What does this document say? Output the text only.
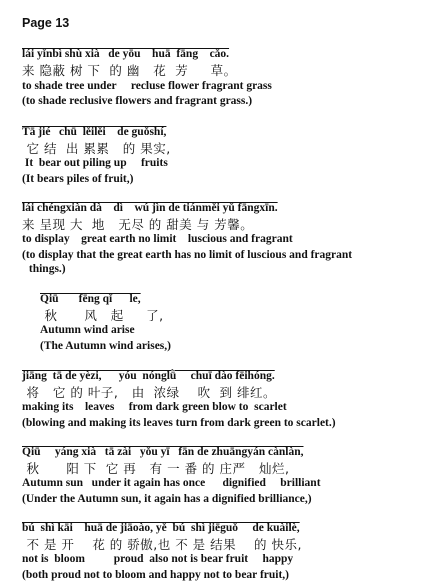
Page 13
lái yǐnbì shù xià   de yōu    huā  fāng    cǎo.
来 隐蔽 树 下  的 幽   花  芳     草。
to shade tree under     recluse flower fragrant grass
(to shade reclusive flowers and fragrant grass.)
Tā jié   chū  lěilěi    de guǒshí,
它 结  出 累累   的 果实,
It  bear out piling up     fruits
(It bears piles of fruit,)
lái chéngxiàn dà    dì    wú jìn de tiánměi yǔ fāngxīn.
来 呈现 大  地   无尽 的 甜美 与 芳馨。
to display    great earth no limit    luscious and fragrant
(to display that the great earth has no limit of luscious and fragrant
things.)
Qiū       fēng qǐ      le,
秋      风   起     了,
Autumn wind arise
(The Autumn wind arises,)
jiāng  tā de yèzi,      yóu  nónglǜ     chuī dào fēihóng.
将   它 的 叶子,   由  浓绿    吹  到 绯红。
making its    leaves     from dark green blow to  scarlet
(blowing and making its leaves turn from dark green to scarlet.)
Qiū     yáng xià   tā zài   yǒu yī   fān de zhuāngyán cànlàn,
秋      阳 下  它 再   有 一 番 的 庄严   灿烂,
Autumn sun   under it again has once      dignified     brilliant
(Under the Autumn sun, it again has a dignified brilliance,)
bú  shì kāi    huā de jiāoào, yě  bú  shì jiēguǒ     de kuàilè,
不 是 开    花 的 骄傲,也 不 是 结果    的 快乐,
not is  bloom          proud  also not is bear fruit     happy
(both proud not to bloom and happy not to bear fruit,)
